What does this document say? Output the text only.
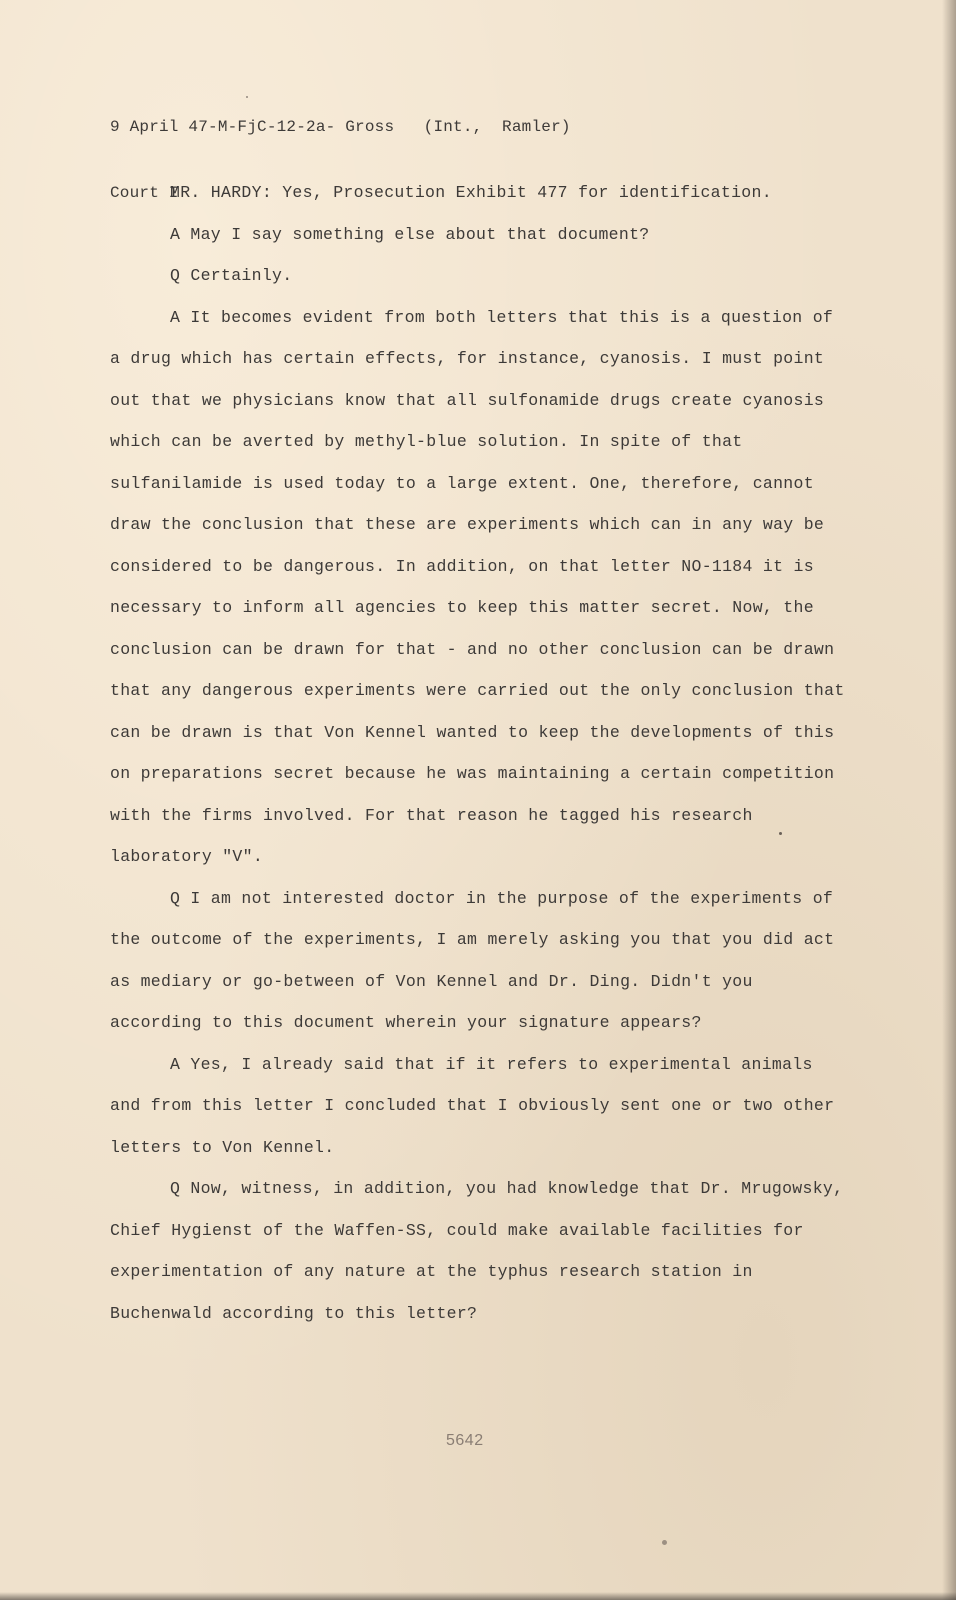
9 April 47-M-FjC-12-2a- Gross   (Int.,  Ramler)

Court I

MR. HARDY: Yes, Prosecution Exhibit 477 for identification.

A May I say something else about that document?

Q Certainly.

A It becomes evident from both letters that this is a question of a drug which has certain effects, for instance, cyanosis. I must point out that we physicians know that all sulfonamide drugs create cyanosis which can be averted by methyl-blue solution. In spite of that sulfanilamide is used today to a large extent. One, therefore, cannot draw the conclusion that these are experiments which can in any way be considered to be dangerous. In addition, on that letter NO-1184 it is necessary to inform all agencies to keep this matter secret. Now, the conclusion can be drawn for that - and no other conclusion can be drawn that any dangerous experiments were carried out the only conclusion that can be drawn is that Von Kennel wanted to keep the developments of this on preparations secret because he was maintaining a certain competition with the firms involved. For that reason he tagged his research laboratory "V".

Q I am not interested doctor in the purpose of the experiments of the outcome of the experiments, I am merely asking you that you did act as mediary or go-between of Von Kennel and Dr. Ding. Didn't you according to this document wherein your signature appears?

A Yes, I already said that if it refers to experimental animals and from this letter I concluded that I obviously sent one or two other letters to Von Kennel.

Q Now, witness, in addition, you had knowledge that Dr. Mrugowsky, Chief Hygienst of the Waffen-SS, could make available facilities for experimentation of any nature at the typhus research station in Buchenwald according to this letter?

5642
